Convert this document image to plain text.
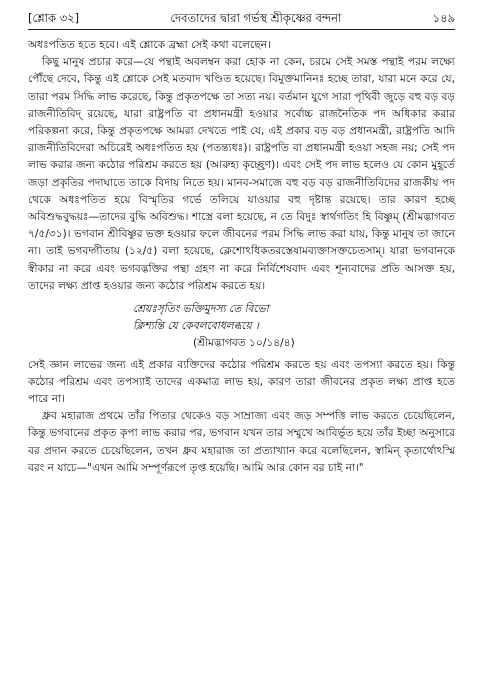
[শ্লোক ৩২]	দেবতাদের দ্বারা গর্ভস্থ শ্রীকৃষ্ণের বন্দনা	১৪৯

অধঃপতিত হতে হবে। এই শ্লোকে ব্রহ্মা সেই কথা বলেছেন।

কিছু মানুষ প্রচার করে—যে পন্থাই অবলম্বন করা হোক না কেন, চরমে সেই সমস্ত পন্থাই পরম লক্ষ্যে পৌঁছে দেবে, কিন্তু এই শ্লোকে সেই মতবাদ খণ্ডিত হয়েছে। বিমুক্তমানিনঃ হচ্ছে তারা, যারা মনে করে যে, তারা পরম সিদ্ধি লাভ করেছে, কিন্তু প্রকৃতপক্ষে তা সত্য নয়। বর্তমান যুগে সারা পৃথিবী জুড়ে বহু বড় বড় রাজনীতিবিদ্‌ রয়েছে, যারা রাষ্ট্রপতি বা প্রধানমন্ত্রী হওয়ার সর্বোচ্চ রাজনৈতিক পদ অধিকার করার পরিকল্পনা করে, কিন্তু প্রকৃতপক্ষে আমরা দেখতে পাই যে, এই প্রকার বড় বড় প্রধানমন্ত্রী, রাষ্ট্রপতি আদি রাজনীতিবিদেরা অচিরেই অধঃপতিত হয় (পতন্ত্যধঃ)। রাষ্ট্রপতি বা প্রধানমন্ত্রী হওয়া সহজ নয়; সেই পদ লাভ করার জন্য কঠোর পরিশ্রম করতে হয় (আরুহ্য কৃচ্ছ্রেণ)। এবং সেই পদ লাভ হলেও যে কোন মুহূর্তে জড়া প্রকৃতির পদাঘাতে তাকে বিদায় নিতে হয়। মানব-সমাজে বহু বড় বড় রাজনীতিবিদের রাজকীয় পদ থেকে অধঃপতিত হয়ে বিস্মৃতির গর্ভে তলিয়ে যাওয়ার বহু দৃষ্টান্ত রয়েছে। তার কারণ হচ্ছে অবিশুদ্ধবুদ্ধয়ঃ—তাদের বুদ্ধি অবিশুদ্ধ। শাস্ত্রে বলা হয়েছে, ন তে বিদুঃ স্বার্থগতিং হি বিষ্ণুম্‌ (শ্রীমদ্ভাগবত ৭/৫/৩১)। ভগবান শ্রীবিষ্ণুর ভক্ত হওয়ার ফলে জীবনের পরম সিদ্ধি লাভ করা যায়, কিন্তু মানুষ তা জানে না। তাই ভগবদ্গীতায় (১২/৫) বলা হয়েছে, ক্লেশোঽধিকতরস্তেষামব্যক্তাসক্তচেতসাম্‌। যারা ভগবানকে স্বীকার না করে এবং ভগবদ্ভক্তির পন্থা গ্রহণ না করে নির্বিশেষবাদ এবং শূন্যবাদের প্রতি আসক্ত হয়, তাদের লক্ষ্য প্রাপ্ত হওয়ার জন্য কঠোর পরিশ্রম করতে হয়।

শ্রেয়ঃসৃতিং ভক্তিমুদস্য তে বিভো
ক্লিশ্যন্তি যে কেবলবোধলব্ধয়ে ।
(শ্রীমদ্ভাগবত ১০/১৪/৪)

সেই জ্ঞান লাভের জন্য এই প্রকার ব্যক্তিদের কঠোর পরিশ্রম করতে হয় এবং তপস্যা করতে হয়। কিন্তু কঠোর পরিশ্রম এবং তপস্যাই তাদের একমাত্র লাভ হয়, কারণ তারা জীবনের প্রকৃত লক্ষ্য প্রাপ্ত হতে পারে না।

ধ্রুব মহারাজ প্রথমে তাঁর পিতার থেকেও বড় সাম্রাজ্য এবং জড় সম্পত্তি লাভ করতে চেয়েছিলেন, কিন্তু ভগবানের প্রকৃত কৃপা লাভ করার পর, ভগবান যখন তার সম্মুখে আবির্ভূত হয়ে তাঁর ইচ্ছা অনুসারে বর প্রদান করতে চেয়েছিলেন, তখন ধ্রুব মহারাজ তা প্রত্যাখ্যান করে বলেছিলেন, স্বামিন্‌ কৃতার্থোঽস্মি বরং ন যাচে—"এখন আমি সম্পূর্ণরূপে তৃপ্ত হয়েছি। আমি আর কোন বর চাই না।"
